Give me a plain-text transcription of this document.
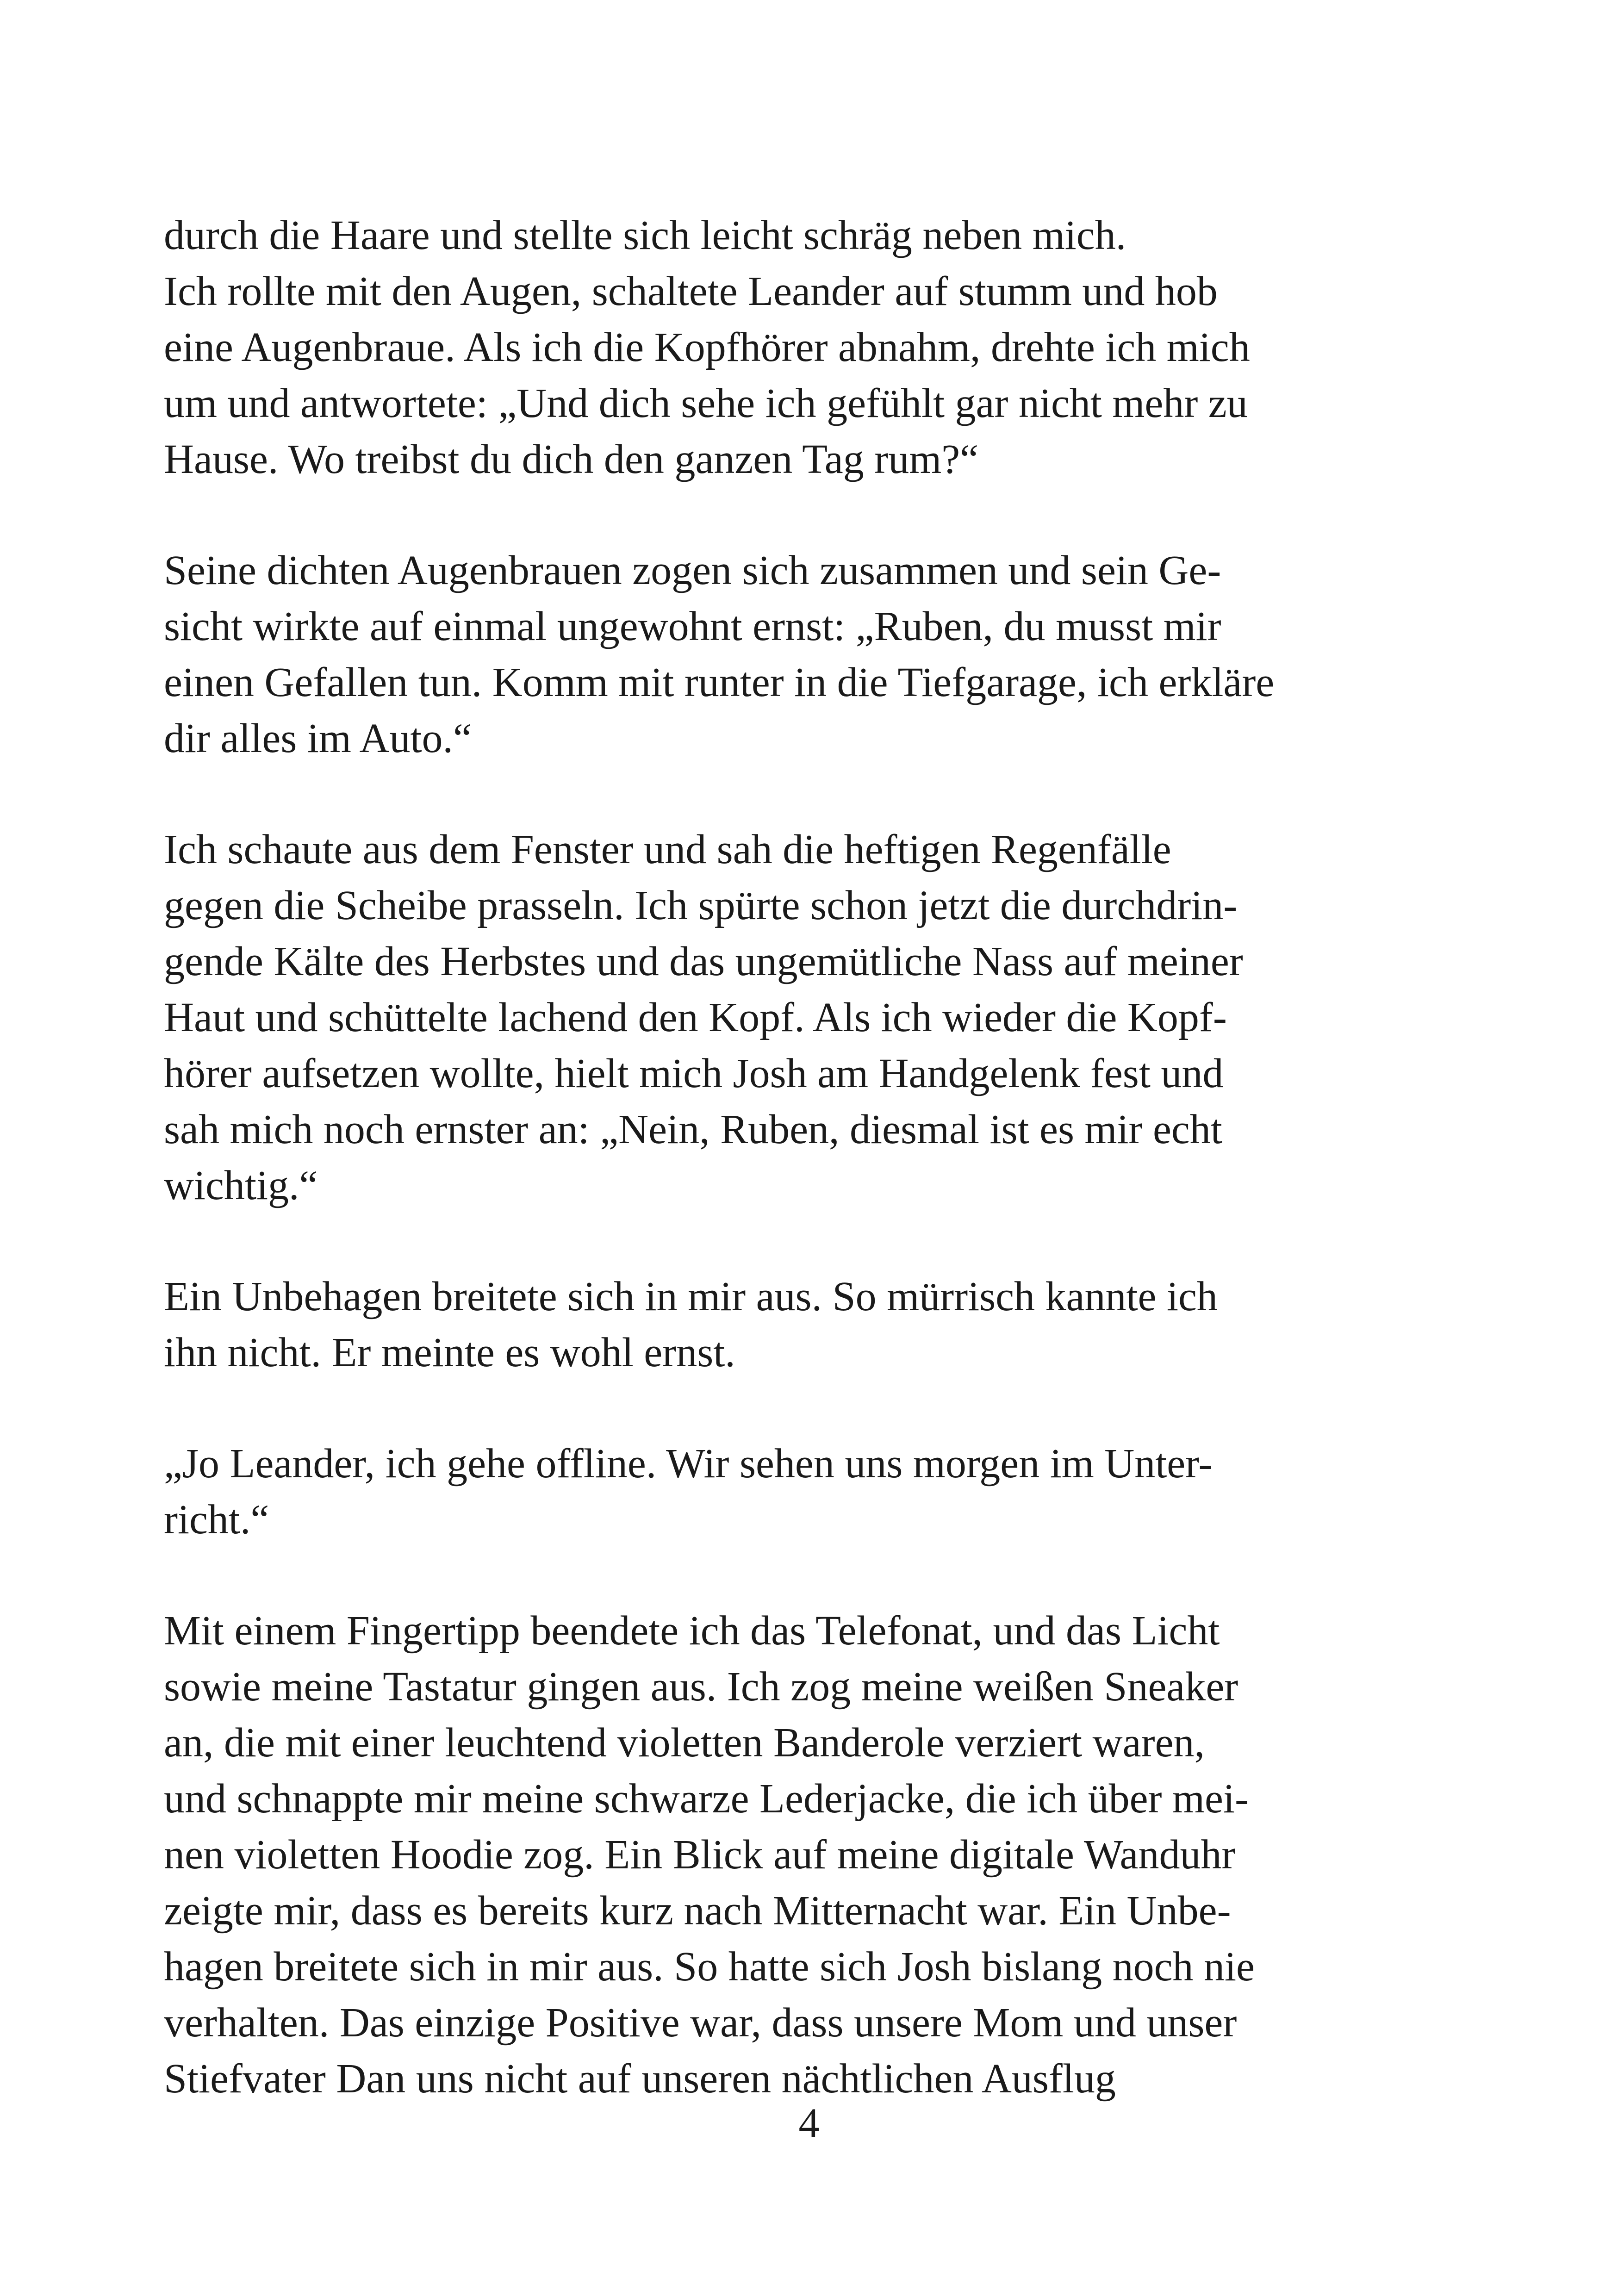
durch die Haare und stellte sich leicht schräg neben mich.

Ich rollte mit den Augen, schaltete Leander auf stumm und hob

eine Augenbraue. Als ich die Kopfhörer abnahm, drehte ich mich

um und antwortete: „Und dich sehe ich gefühlt gar nicht mehr zu

Hause. Wo treibst du dich den ganzen Tag rum?“

Seine dichten Augenbrauen zogen sich zusammen und sein Ge-

sicht wirkte auf einmal ungewohnt ernst: „Ruben, du musst mir

einen Gefallen tun. Komm mit runter in die Tiefgarage, ich erkläre

dir alles im Auto.“

Ich schaute aus dem Fenster und sah die heftigen Regenfälle

gegen die Scheibe prasseln. Ich spürte schon jetzt die durchdrin-

gende Kälte des Herbstes und das ungemütliche Nass auf meiner

Haut und schüttelte lachend den Kopf. Als ich wieder die Kopf-

hörer aufsetzen wollte, hielt mich Josh am Handgelenk fest und

sah mich noch ernster an: „Nein, Ruben, diesmal ist es mir echt

wichtig.“

Ein Unbehagen breitete sich in mir aus. So mürrisch kannte ich

ihn nicht. Er meinte es wohl ernst.

„Jo Leander, ich gehe offline. Wir sehen uns morgen im Unter-

richt.“

Mit einem Fingertipp beendete ich das Telefonat, und das Licht

sowie meine Tastatur gingen aus. Ich zog meine weißen Sneaker

an, die mit einer leuchtend violetten Banderole verziert waren,

und schnappte mir meine schwarze Lederjacke, die ich über mei-

nen violetten Hoodie zog. Ein Blick auf meine digitale Wanduhr

zeigte mir, dass es bereits kurz nach Mitternacht war. Ein Unbe-

hagen breitete sich in mir aus. So hatte sich Josh bislang noch nie

verhalten. Das einzige Positive war, dass unsere Mom und unser

Stiefvater Dan uns nicht auf unseren nächtlichen Ausflug

4
